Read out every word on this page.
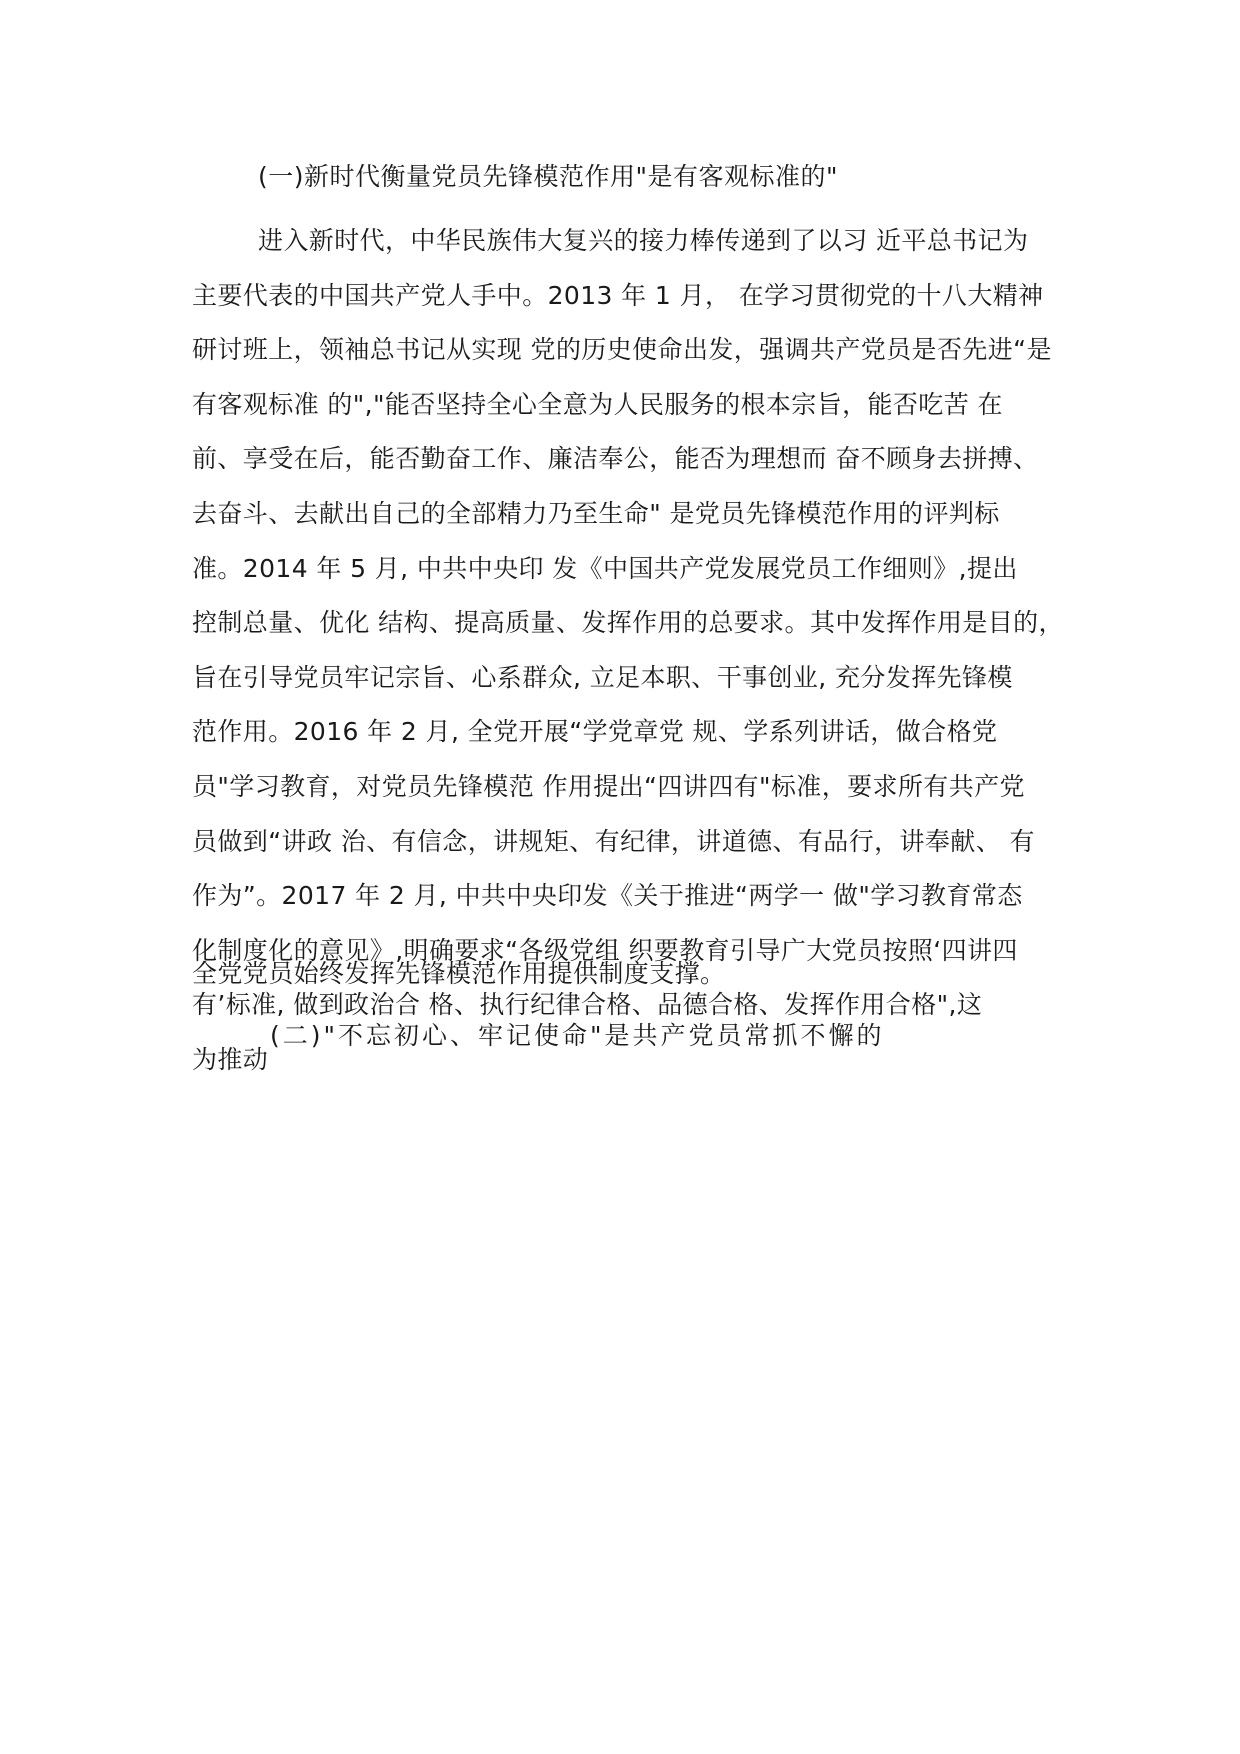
(一)新时代衡量党员先锋模范作用"是有客观标准的"
进入新时代，中华民族伟大复兴的接力棒传递到了以习 近平总书记为
主要代表的中国共产党人手中。2013 年 1 月， 在学习贯彻党的十八大精神
研讨班上，领袖总书记从实现 党的历史使命出发，强调共产党员是否先进“是
有客观标准 的","能否坚持全心全意为人民服务的根本宗旨，能否吃苦 在
前、享受在后，能否勤奋工作、廉洁奉公，能否为理想而 奋不顾身去拼搏、
去奋斗、去献出自己的全部精力乃至生命" 是党员先锋模范作用的评判标
准。2014 年 5 月, 中共中央印 发《中国共产党发展党员工作细则》,提出
控制总量、优化 结构、提高质量、发挥作用的总要求。其中发挥作用是目的，
旨在引导党员牢记宗旨、心系群众, 立足本职、干事创业, 充分发挥先锋模
范作用。2016 年 2 月, 全党开展“学党章党 规、学系列讲话，做合格党
员"学习教育，对党员先锋模范 作用提出“四讲四有"标准，要求所有共产党
员做到“讲政 治、有信念，讲规矩、有纪律，讲道德、有品行，讲奉献、 有
作为”。2017 年 2 月, 中共中央印发《关于推进“两学一 做"学习教育常态
化制度化的意见》,明确要求“各级党组 织要教育引导广大党员按照‘四讲四
有’标准, 做到政治合 格、执行纪律合格、品德合格、发挥作用合格",这
为推动
全党党员始终发挥先锋模范作用提供制度支撑。
(二)"不忘初心、牢记使命"是共产党员常抓不懈的
